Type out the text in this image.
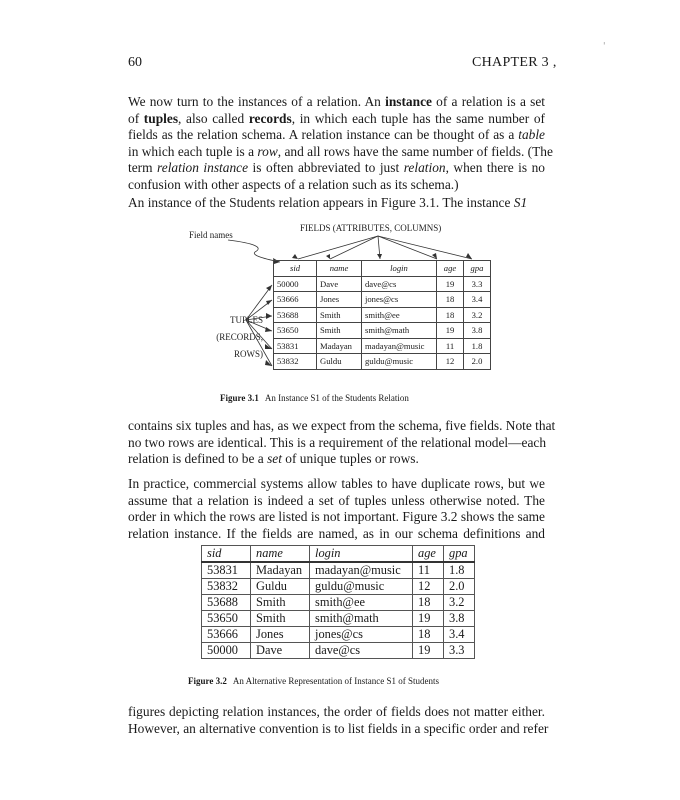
60	CHAPTER 3 ,
'
We now turn to the instances of a relation. An instance of a relation is a set
of tuples, also called records, in which each tuple has the same number of
fields as the relation schema. A relation instance can be thought of as a table
in which each tuple is a row, and all rows have the same number of fields. (The
term relation instance is often abbreviated to just relation, when there is no
confusion with other aspects of a relation such as its schema.)
An instance of the Students relation appears in Figure 3.1. The instance S1
Field names
FIELDS (ATTRIBUTES, COLUMNS)
TUPLES
(RECORDS,
ROWS)
sid	name	login	age	gpa
50000	Dave	dave@cs	19	3.3
53666	Jones	jones@cs	18	3.4
53688	Smith	smith@ee	18	3.2
53650	Smith	smith@math	19	3.8
53831	Madayan	madayan@music	11	1.8
53832	Guldu	guldu@music	12	2.0
Figure 3.1 An Instance S1 of the Students Relation
contains six tuples and has, as we expect from the schema, five fields. Note that
no two rows are identical. This is a requirement of the relational model—each
relation is defined to be a set of unique tuples or rows.
In practice, commercial systems allow tables to have duplicate rows, but we
assume that a relation is indeed a set of tuples unless otherwise noted. The
order in which the rows are listed is not important. Figure 3.2 shows the same
relation instance. If the fields are named, as in our schema definitions and
sid	name	login	age	gpa
53831	Madayan	madayan@music	11	1.8
53832	Guldu	guldu@music	12	2.0
53688	Smith	smith@ee	18	3.2
53650	Smith	smith@math	19	3.8
53666	Jones	jones@cs	18	3.4
50000	Dave	dave@cs	19	3.3
Figure 3.2 An Alternative Representation of Instance S1 of Students
figures depicting relation instances, the order of fields does not matter either.
However, an alternative convention is to list fields in a specific order and refer
